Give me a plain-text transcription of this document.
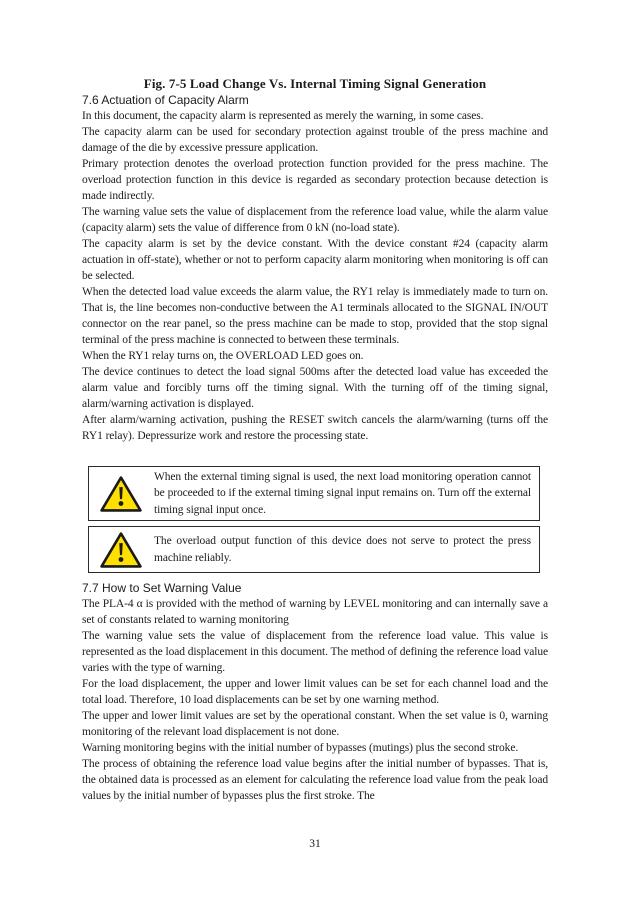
Fig. 7-5 Load Change Vs. Internal Timing Signal Generation

7.6 Actuation of Capacity Alarm

In this document, the capacity alarm is represented as merely the warning, in some cases.

The capacity alarm can be used for secondary protection against trouble of the press machine and damage of the die by excessive pressure application.

Primary protection denotes the overload protection function provided for the press machine. The overload protection function in this device is regarded as secondary protection because detection is made indirectly.

The warning value sets the value of displacement from the reference load value, while the alarm value (capacity alarm) sets the value of difference from 0 kN (no-load state).

The capacity alarm is set by the device constant. With the device constant #24 (capacity alarm actuation in off-state), whether or not to perform capacity alarm monitoring when monitoring is off can be selected.

When the detected load value exceeds the alarm value, the RY1 relay is immediately made to turn on. That is, the line becomes non-conductive between the A1 terminals allocated to the SIGNAL IN/OUT connector on the rear panel, so the press machine can be made to stop, provided that the stop signal terminal of the press machine is connected to between these terminals.

When the RY1 relay turns on, the OVERLOAD LED goes on.

The device continues to detect the load signal 500ms after the detected load value has exceeded the alarm value and forcibly turns off the timing signal. With the turning off of the timing signal, alarm/warning activation is displayed.

After alarm/warning activation, pushing the RESET switch cancels the alarm/warning (turns off the RY1 relay). Depressurize work and restore the processing state.

When the external timing signal is used, the next load monitoring operation cannot be proceeded to if the external timing signal input remains on. Turn off the external timing signal input once.

The overload output function of this device does not serve to protect the press machine reliably.

7.7 How to Set Warning Value

The PLA-4 α is provided with the method of warning by LEVEL monitoring and can internally save a set of constants related to warning monitoring

The warning value sets the value of displacement from the reference load value. This value is represented as the load displacement in this document. The method of defining the reference load value varies with the type of warning.

For the load displacement, the upper and lower limit values can be set for each channel load and the total load. Therefore, 10 load displacements can be set by one warning method.

The upper and lower limit values are set by the operational constant. When the set value is 0, warning monitoring of the relevant load displacement is not done.

Warning monitoring begins with the initial number of bypasses (mutings) plus the second stroke.

The process of obtaining the reference load value begins after the initial number of bypasses. That is, the obtained data is processed as an element for calculating the reference load value from the peak load values by the initial number of bypasses plus the first stroke. The

31
